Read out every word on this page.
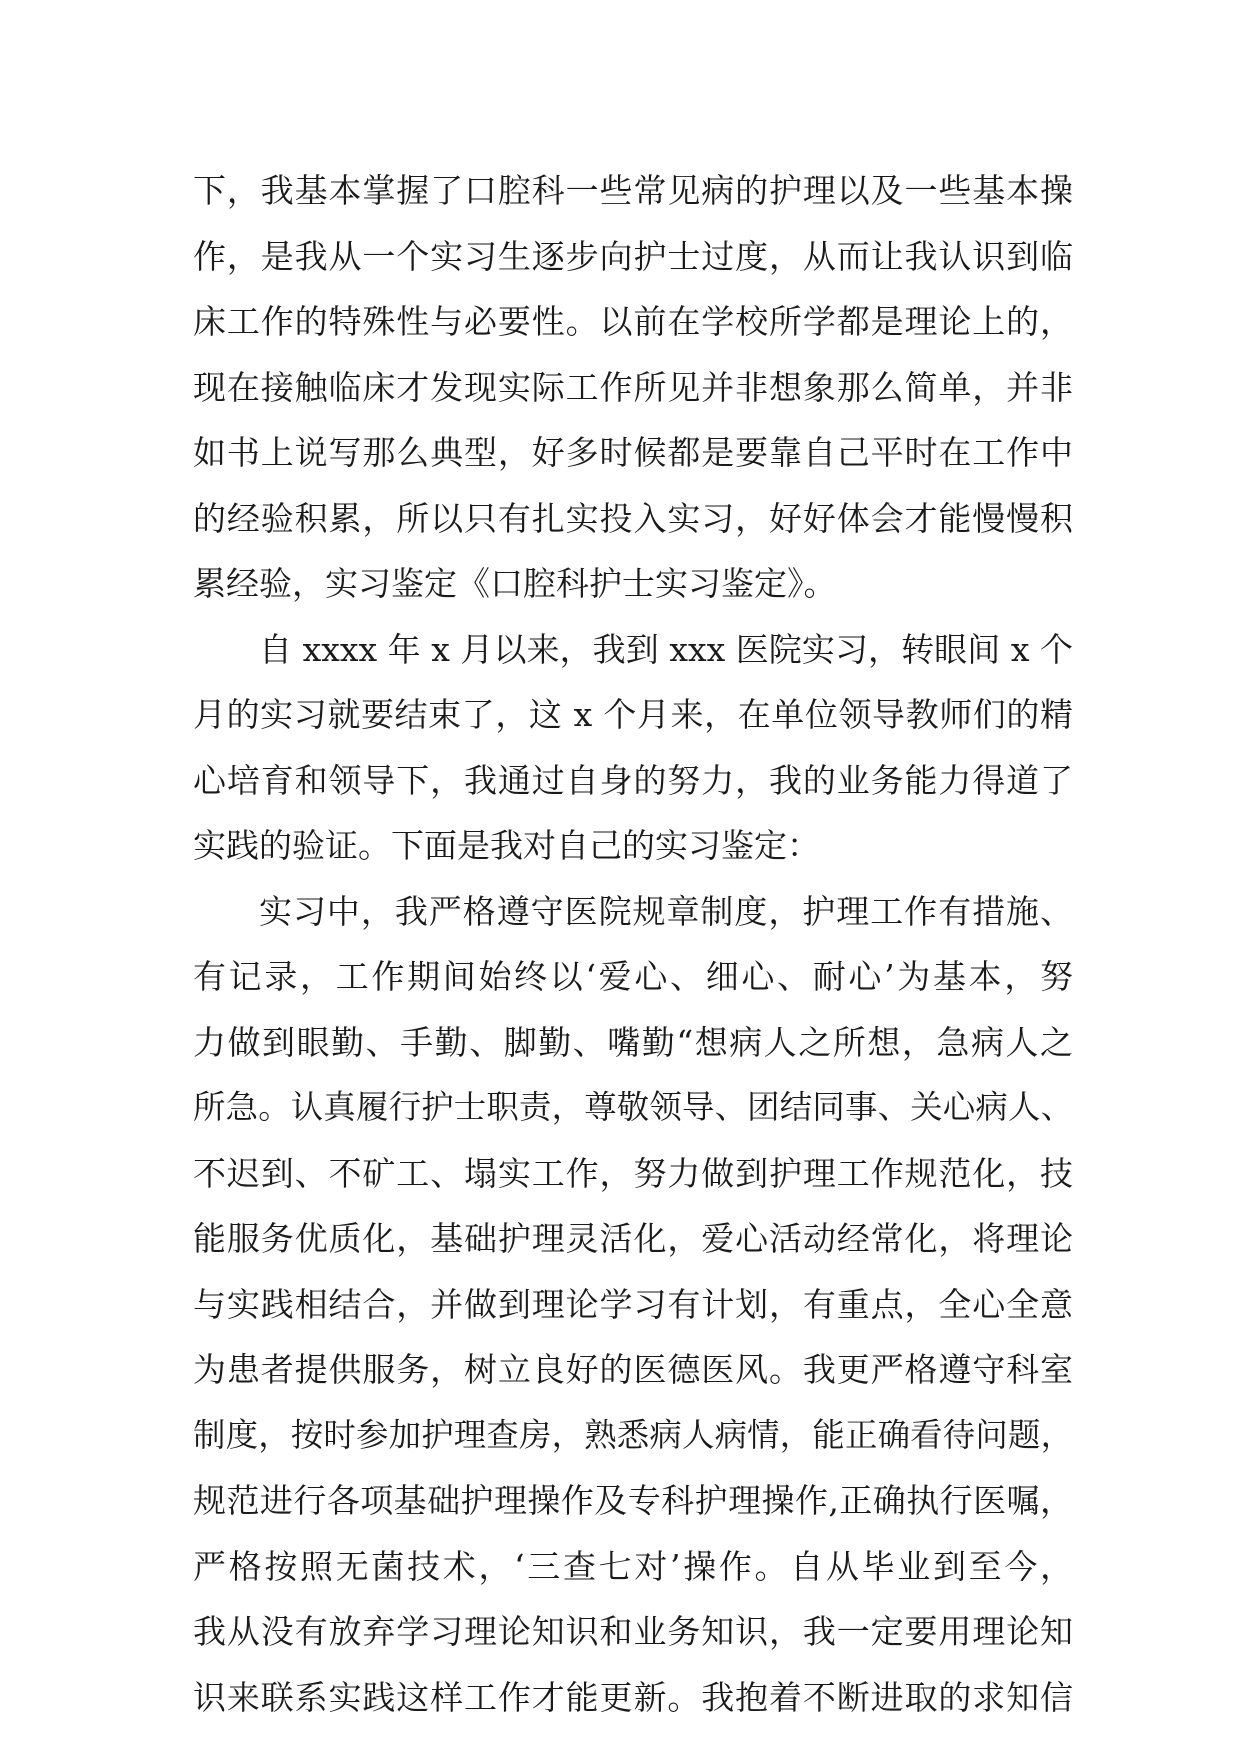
下，我基本掌握了口腔科一些常见病的护理以及一些基本操
作，是我从一个实习生逐步向护士过度，从而让我认识到临
床工作的特殊性与必要性。以前在学校所学都是理论上的，
现在接触临床才发现实际工作所见并非想象那么简单，并非
如书上说写那么典型，好多时候都是要靠自己平时在工作中
的经验积累，所以只有扎实投入实习，好好体会才能慢慢积
累经验，实习鉴定《口腔科护士实习鉴定》。
自 xxxx 年 x 月以来，我到 xxx 医院实习，转眼间 x 个
月的实习就要结束了，这 x 个月来，在单位领导教师们的精
心培育和领导下，我通过自身的努力，我的业务能力得道了
实践的验证。下面是我对自己的实习鉴定：
实习中，我严格遵守医院规章制度，护理工作有措施、
有记录，工作期间始终以‘爱心、细心、耐心’为基本，努
力做到眼勤、手勤、脚勤、嘴勤“想病人之所想，急病人之
所急。认真履行护士职责，尊敬领导、团结同事、关心病人、
不迟到、不矿工、塌实工作，努力做到护理工作规范化，技
能服务优质化，基础护理灵活化，爱心活动经常化，将理论
与实践相结合，并做到理论学习有计划，有重点，全心全意
为患者提供服务，树立良好的医德医风。我更严格遵守科室
制度，按时参加护理查房，熟悉病人病情，能正确看待问题，
规范进行各项基础护理操作及专科护理操作,正确执行医嘱，
严格按照无菌技术，‘三查七对’操作。自从毕业到至今，
我从没有放弃学习理论知识和业务知识，我一定要用理论知
识来联系实践这样工作才能更新。我抱着不断进取的求知信
